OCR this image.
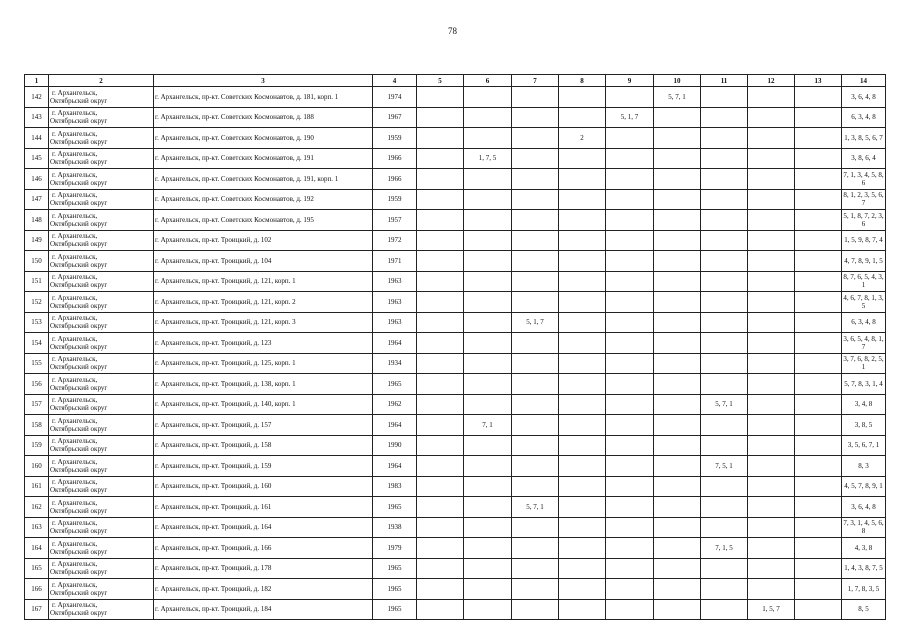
78
1	2	3	4	5	6	7	8	9	10	11	12	13	14
142	г. Архангельск,
Октябрьский округ	г. Архангельск, пр-кт. Советских Космонавтов, д. 181, корп. 1	1974						5, 7, 1				3, 6, 4, 8
143	г. Архангельск,
Октябрьский округ	г. Архангельск, пр-кт. Советских Космонавтов, д. 188	1967					5, 1, 7					6, 3, 4, 8
144	г. Архангельск,
Октябрьский округ	г. Архангельск, пр-кт. Советских Космонавтов, д. 190	1959				2						1, 3, 8, 5, 6, 7
145	г. Архангельск,
Октябрьский округ	г. Архангельск, пр-кт. Советских Космонавтов, д. 191	1966		1, 7, 5								3, 8, 6, 4
146	г. Архангельск,
Октябрьский округ	г. Архангельск, пр-кт. Советских Космонавтов, д. 191, корп. 1	1966										7, 1, 3, 4, 5, 8, 6
147	г. Архангельск,
Октябрьский округ	г. Архангельск, пр-кт. Советских Космонавтов, д. 192	1959										8, 1, 2, 3, 5, 6, 7
148	г. Архангельск,
Октябрьский округ	г. Архангельск, пр-кт. Советских Космонавтов, д. 195	1957										5, 1, 8, 7, 2, 3, 6
149	г. Архангельск,
Октябрьский округ	г. Архангельск, пр-кт. Троицкий, д. 102	1972										1, 5, 9, 8, 7, 4
150	г. Архангельск,
Октябрьский округ	г. Архангельск, пр-кт. Троицкий, д. 104	1971										4, 7, 8, 9, 1, 5
151	г. Архангельск,
Октябрьский округ	г. Архангельск, пр-кт. Троицкий, д. 121, корп. 1	1963										8, 7, 6, 5, 4, 3, 1
152	г. Архангельск,
Октябрьский округ	г. Архангельск, пр-кт. Троицкий, д. 121, корп. 2	1963										4, 6, 7, 8, 1, 3, 5
153	г. Архангельск,
Октябрьский округ	г. Архангельск, пр-кт. Троицкий, д. 121, корп. 3	1963			5, 1, 7							6, 3, 4, 8
154	г. Архангельск,
Октябрьский округ	г. Архангельск, пр-кт. Троицкий, д. 123	1964										3, 6, 5, 4, 8, 1, 7
155	г. Архангельск,
Октябрьский округ	г. Архангельск, пр-кт. Троицкий, д. 125, корп. 1	1934										3, 7, 6, 8, 2, 5, 1
156	г. Архангельск,
Октябрьский округ	г. Архангельск, пр-кт. Троицкий, д. 138, корп. 1	1965										5, 7, 8, 3, 1, 4
157	г. Архангельск,
Октябрьский округ	г. Архангельск, пр-кт. Троицкий, д. 140, корп. 1	1962							5, 7, 1			3, 4, 8
158	г. Архангельск,
Октябрьский округ	г. Архангельск, пр-кт. Троицкий, д. 157	1964		7, 1								3, 8, 5
159	г. Архангельск,
Октябрьский округ	г. Архангельск, пр-кт. Троицкий, д. 158	1990										3, 5, 6, 7, 1
160	г. Архангельск,
Октябрьский округ	г. Архангельск, пр-кт. Троицкий, д. 159	1964							7, 5, 1			8, 3
161	г. Архангельск,
Октябрьский округ	г. Архангельск, пр-кт. Троицкий, д. 160	1983										4, 5, 7, 8, 9, 1
162	г. Архангельск,
Октябрьский округ	г. Архангельск, пр-кт. Троицкий, д. 161	1965			5, 7, 1							3, 6, 4, 8
163	г. Архангельск,
Октябрьский округ	г. Архангельск, пр-кт. Троицкий, д. 164	1938										7, 3, 1, 4, 5, 6, 8
164	г. Архангельск,
Октябрьский округ	г. Архангельск, пр-кт. Троицкий, д. 166	1979							7, 1, 5			4, 3, 8
165	г. Архангельск,
Октябрьский округ	г. Архангельск, пр-кт. Троицкий, д. 178	1965										1, 4, 3, 8, 7, 5
166	г. Архангельск,
Октябрьский округ	г. Архангельск, пр-кт. Троицкий, д. 182	1965										1, 7, 8, 3, 5
167	г. Архангельск,
Октябрьский округ	г. Архангельск, пр-кт. Троицкий, д. 184	1965								1, 5, 7		8, 5
